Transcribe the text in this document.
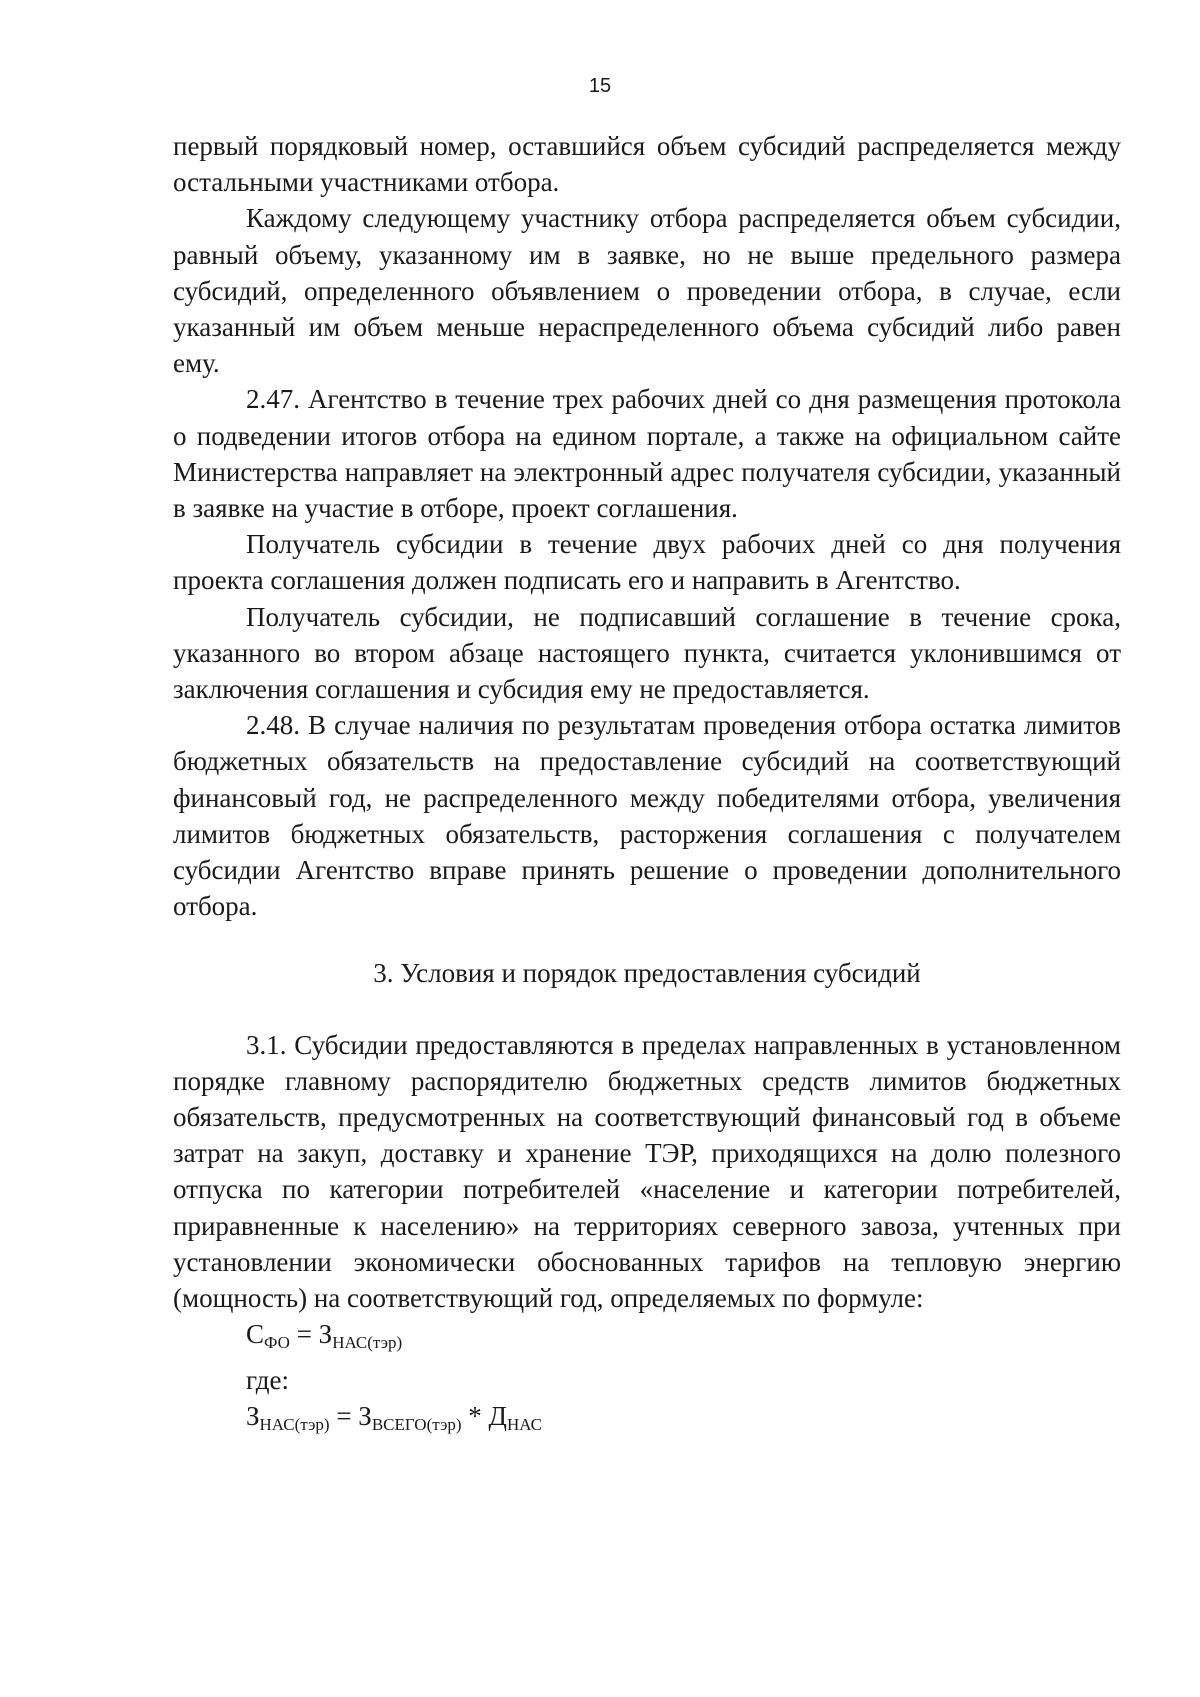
15

первый порядковый номер, оставшийся объем субсидий распределяется между остальными участниками отбора.

Каждому следующему участнику отбора распределяется объем субсидии, равный объему, указанному им в заявке, но не выше предельного размера субсидий, определенного объявлением о проведении отбора, в случае, если указанный им объем меньше нераспределенного объема субсидий либо равен ему.

2.47. Агентство в течение трех рабочих дней со дня размещения протокола о подведении итогов отбора на едином портале, а также на официальном сайте Министерства направляет на электронный адрес получателя субсидии, указанный в заявке на участие в отборе, проект соглашения.

Получатель субсидии в течение двух рабочих дней со дня получения проекта соглашения должен подписать его и направить в Агентство.

Получатель субсидии, не подписавший соглашение в течение срока, указанного во втором абзаце настоящего пункта, считается уклонившимся от заключения соглашения и субсидия ему не предоставляется.

2.48. В случае наличия по результатам проведения отбора остатка лимитов бюджетных обязательств на предоставление субсидий на соответствующий финансовый год, не распределенного между победителями отбора, увеличения лимитов бюджетных обязательств, расторжения соглашения с получателем субсидии Агентство вправе принять решение о проведении дополнительного отбора.

3. Условия и порядок предоставления субсидий

3.1. Субсидии предоставляются в пределах направленных в установленном порядке главному распорядителю бюджетных средств лимитов бюджетных обязательств, предусмотренных на соответствующий финансовый год в объеме затрат на закуп, доставку и хранение ТЭР, приходящихся на долю полезного отпуска по категории потребителей «население и категории потребителей, приравненные к населению» на территориях северного завоза, учтенных при установлении экономически обоснованных тарифов на тепловую энергию (мощность) на соответствующий год, определяемых по формуле:

$С_{ФО} = З_{НАС(тэр)}$

где:

$З_{НАС(тэр)} = З_{ВСЕГО(тэр)} * Д_{НАС}$
